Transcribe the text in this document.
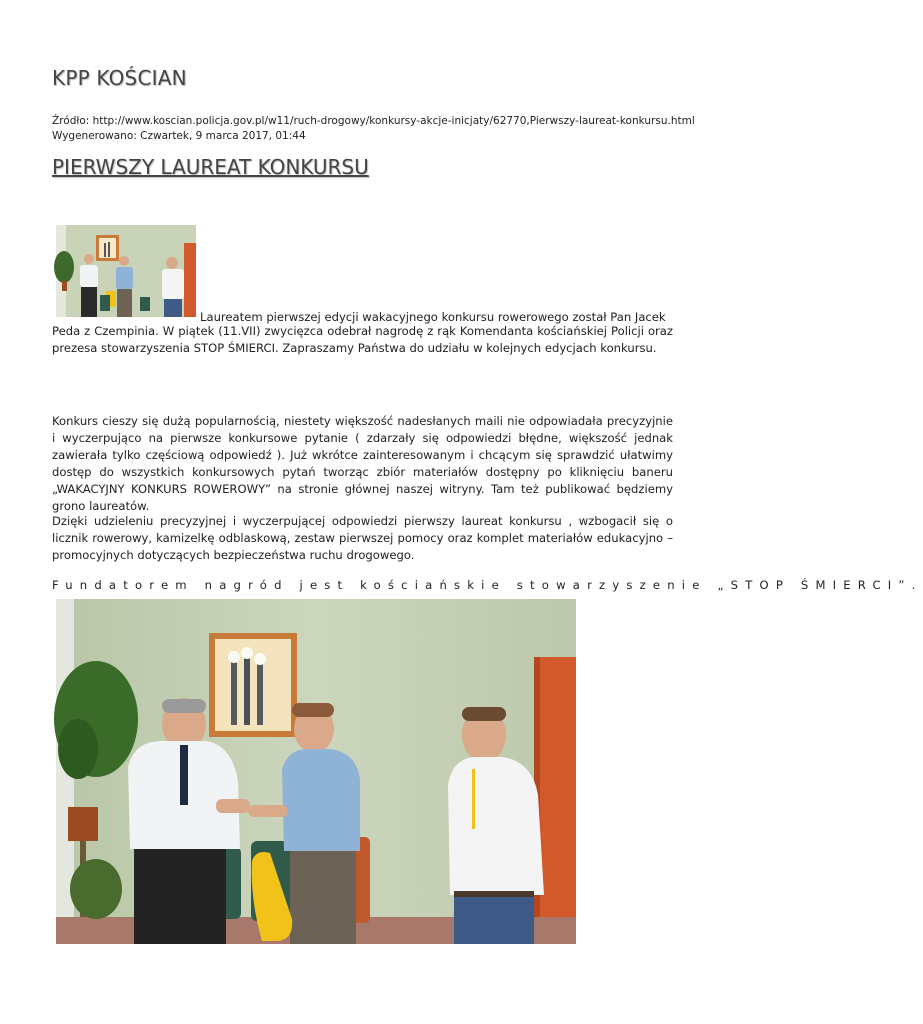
KPP KOŚCIAN
Źródło: http://www.koscian.policja.gov.pl/w11/ruch-drogowy/konkursy-akcje-inicjaty/62770,Pierwszy-laureat-konkursu.html
Wygenerowano: Czwartek, 9 marca 2017, 01:44
PIERWSZY LAUREAT KONKURSU

Laureatem pierwszej edycji wakacyjnego konkursu rowerowego został Pan Jacek

Peda z Czempinia. W piątek (11.VII) zwycięzca odebrał nagrodę z rąk Komendanta kościańskiej Policji oraz prezesa stowarzyszenia STOP ŚMIERCI. Zapraszamy Państwa do udziału w kolejnych edycjach konkursu.

Konkurs cieszy się dużą popularnością, niestety większość nadesłanych maili nie odpowiadała precyzyjnie i wyczerpująco na pierwsze konkursowe pytanie ( zdarzały się odpowiedzi błędne, większość jednak zawierała tylko częściową odpowiedź ). Już wkrótce zainteresowanym i chcącym się sprawdzić ułatwimy dostęp do wszystkich konkursowych pytań tworząc zbiór materiałów dostępny po kliknięciu baneru „WAKACYJNY KONKURS ROWEROWY” na stronie głównej naszej witryny. Tam też publikować będziemy grono laureatów.

Dzięki udzieleniu precyzyjnej i wyczerpującej odpowiedzi pierwszy laureat konkursu , wzbogacił się o licznik rowerowy, kamizelkę odblaskową, zestaw pierwszej pomocy oraz komplet materiałów edukacyjno – promocyjnych dotyczących bezpieczeństwa ruchu drogowego.

Fundatorem nagród jest kościańskie stowarzyszenie „STOP ŚMIERCI”.
